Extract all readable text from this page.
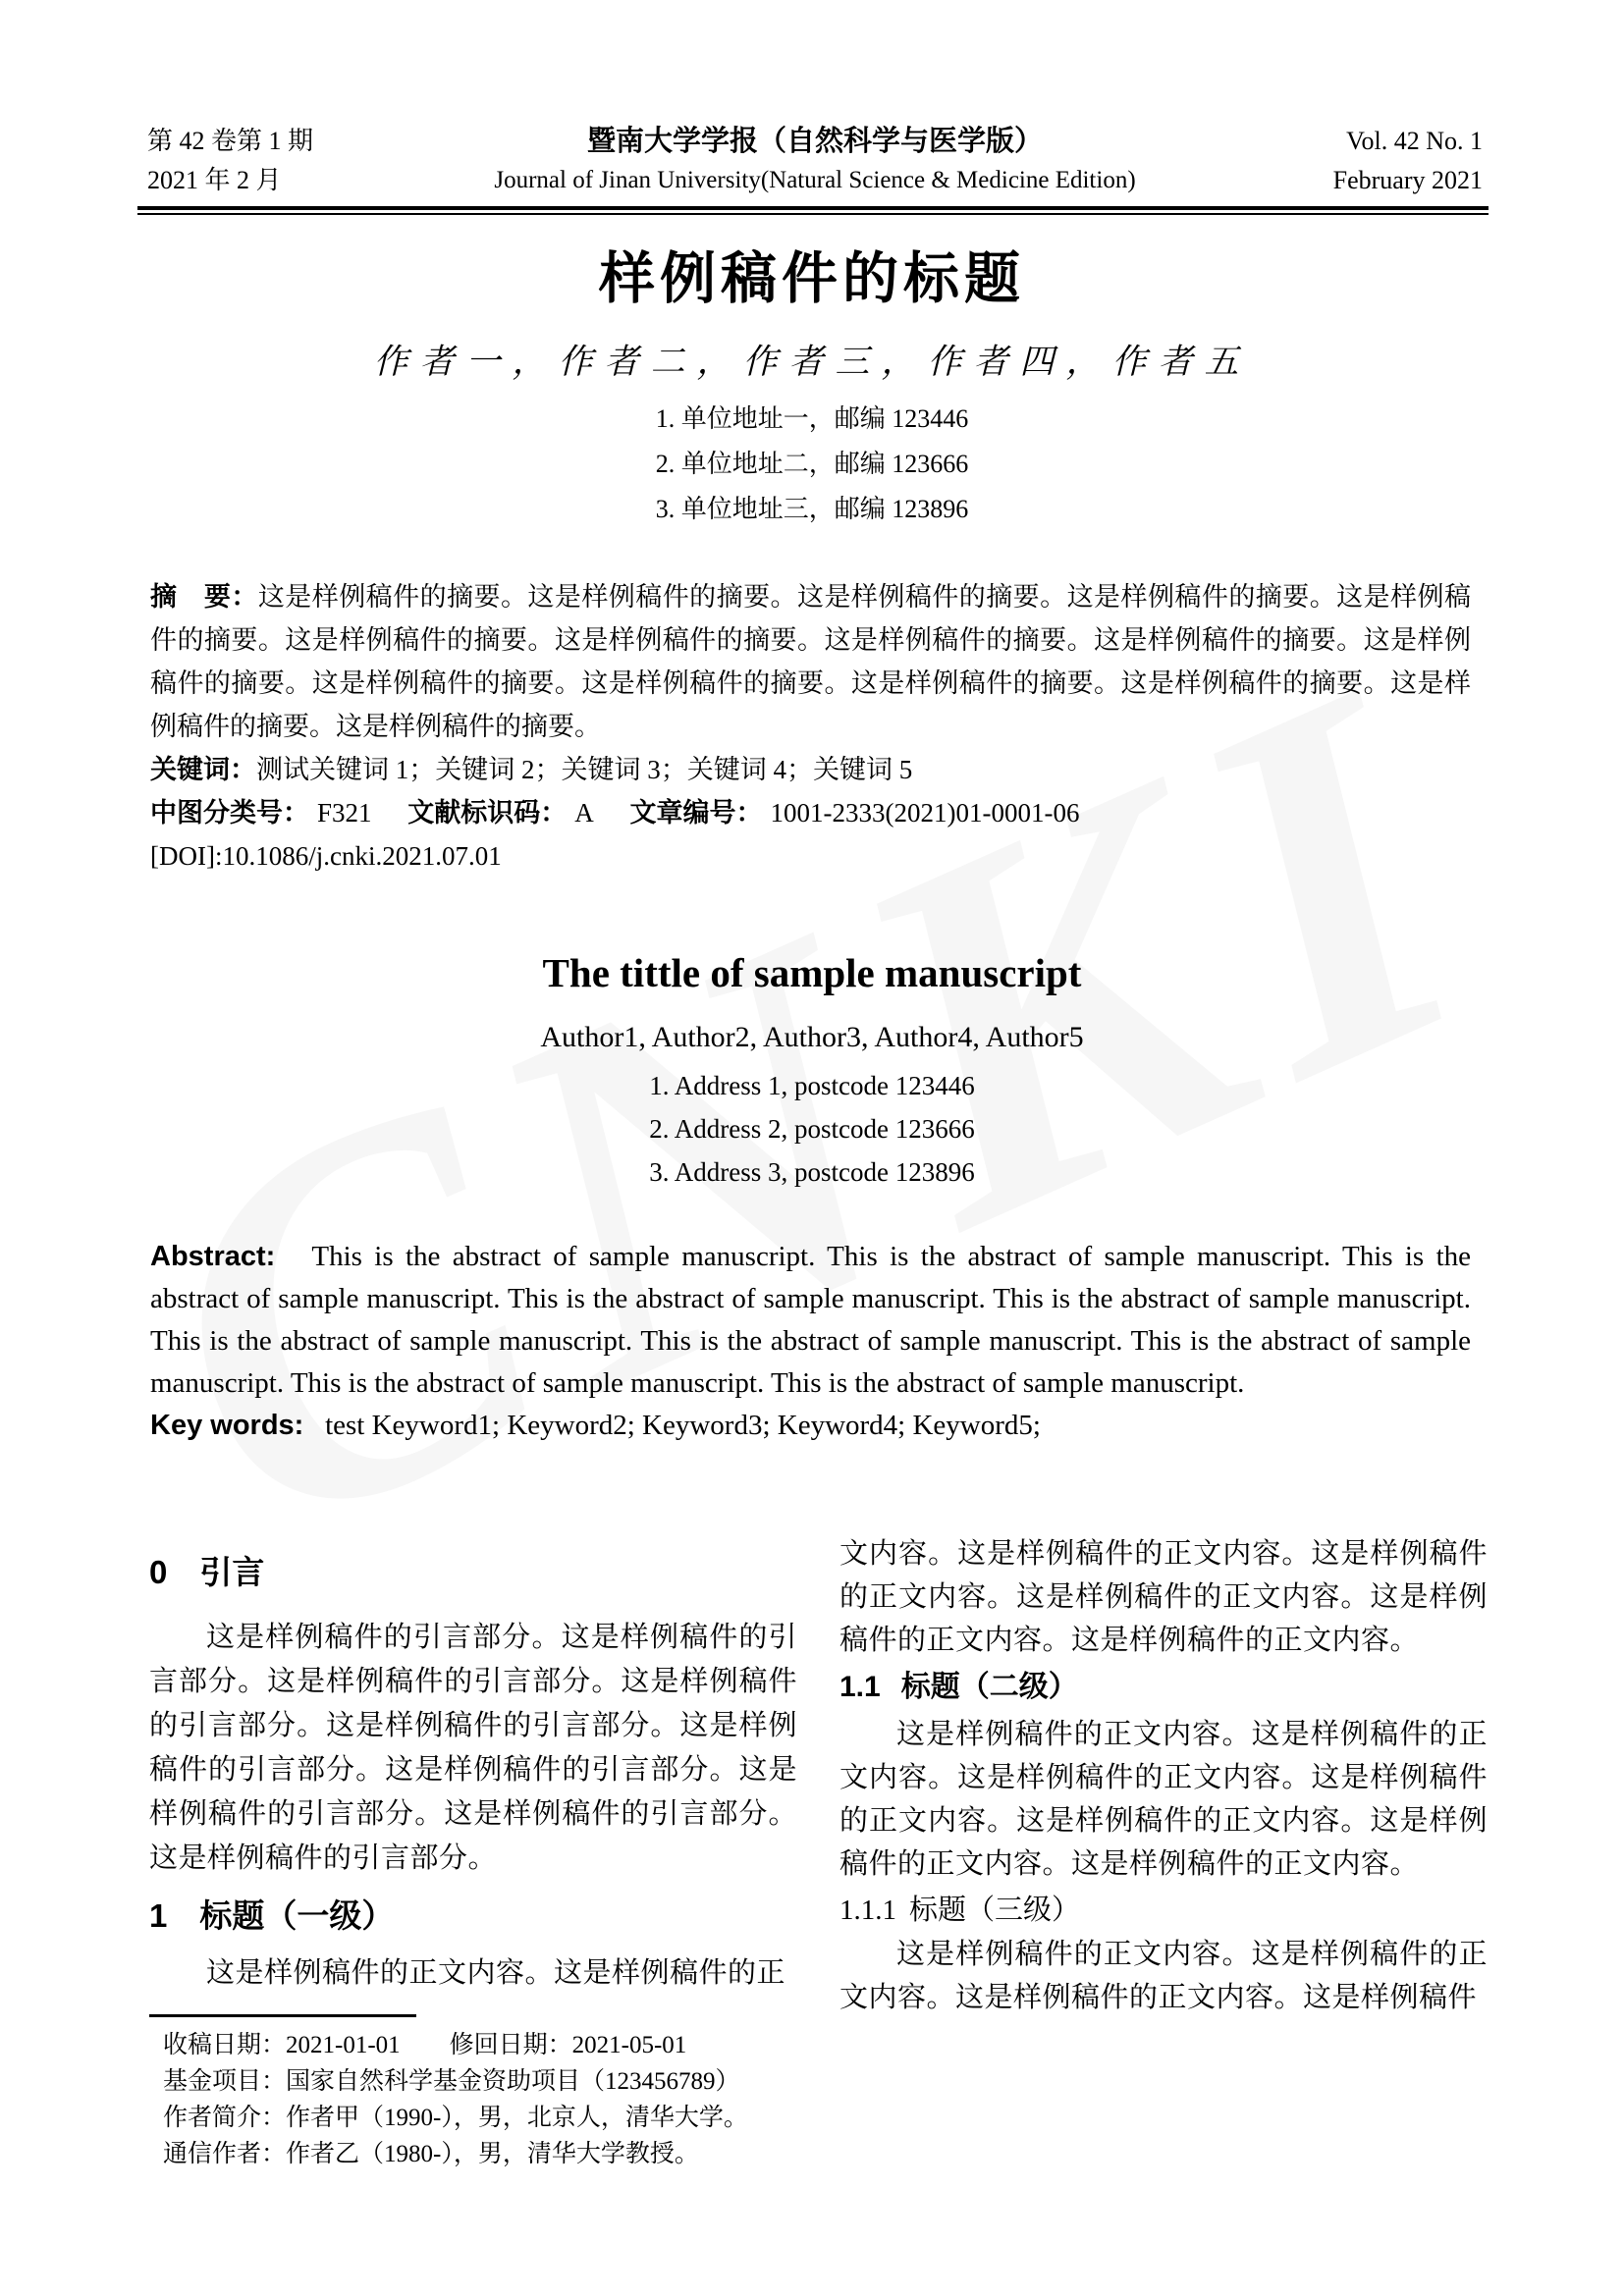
第 42 卷第 1 期
2021 年 2 月
暨南大学学报（自然科学与医学版）
Journal of Jinan University(Natural Science & Medicine Edition)
Vol. 42 No. 1
February 2021
样例稿件的标题
作者一，作者二，作者三，作者四，作者五
1. 单位地址一，邮编 123446
2. 单位地址二，邮编 123666
3. 单位地址三，邮编 123896

摘　要：这是样例稿件的摘要。这是样例稿件的摘要。这是样例稿件的摘要。这是样例稿件的摘要。这是样例稿件的摘要。这是样例稿件的摘要。这是样例稿件的摘要。这是样例稿件的摘要。这是样例稿件的摘要。这是样例稿件的摘要。这是样例稿件的摘要。这是样例稿件的摘要。这是样例稿件的摘要。这是样例稿件的摘要。这是样例稿件的摘要。这是样例稿件的摘要。

关键词：测试关键词 1；关键词 2；关键词 3；关键词 4；关键词 5
中图分类号： F321 文献标识码： A 文章编号： 1001-2333(2021)01-0001-06
[DOI]:10.1086/j.cnki.2021.07.01
The tittle of sample manuscript
Author1, Author2, Author3, Author4, Author5
1. Address 1, postcode 123446
2. Address 2, postcode 123666
3. Address 3, postcode 123896

Abstract: This is the abstract of sample manuscript. This is the abstract of sample manuscript. This is the abstract of sample manuscript. This is the abstract of sample manuscript. This is the abstract of sample manuscript. This is the abstract of sample manuscript. This is the abstract of sample manuscript. This is the abstract of sample manuscript. This is the abstract of sample manuscript. This is the abstract of sample manuscript.

Key words: test Keyword1; Keyword2; Keyword3; Keyword4; Keyword5;
0 引言

这是样例稿件的引言部分。这是样例稿件的引言部分。这是样例稿件的引言部分。这是样例稿件的引言部分。这是样例稿件的引言部分。这是样例稿件的引言部分。这是样例稿件的引言部分。这是样例稿件的引言部分。这是样例稿件的引言部分。这是样例稿件的引言部分。

1 标题（一级）

这是样例稿件的正文内容。这是样例稿件的正

文内容。这是样例稿件的正文内容。这是样例稿件的正文内容。这是样例稿件的正文内容。这是样例稿件的正文内容。这是样例稿件的正文内容。

1.1 标题（二级）

这是样例稿件的正文内容。这是样例稿件的正文内容。这是样例稿件的正文内容。这是样例稿件的正文内容。这是样例稿件的正文内容。这是样例稿件的正文内容。这是样例稿件的正文内容。

1.1.1 标题（三级）

这是样例稿件的正文内容。这是样例稿件的正文内容。这是样例稿件的正文内容。这是样例稿件

收稿日期：2021-01-01　　修回日期：2021-05-01
基金项目：国家自然科学基金资助项目（123456789）
作者简介：作者甲（1990-），男，北京人，清华大学。
通信作者：作者乙（1980-），男，清华大学教授。
